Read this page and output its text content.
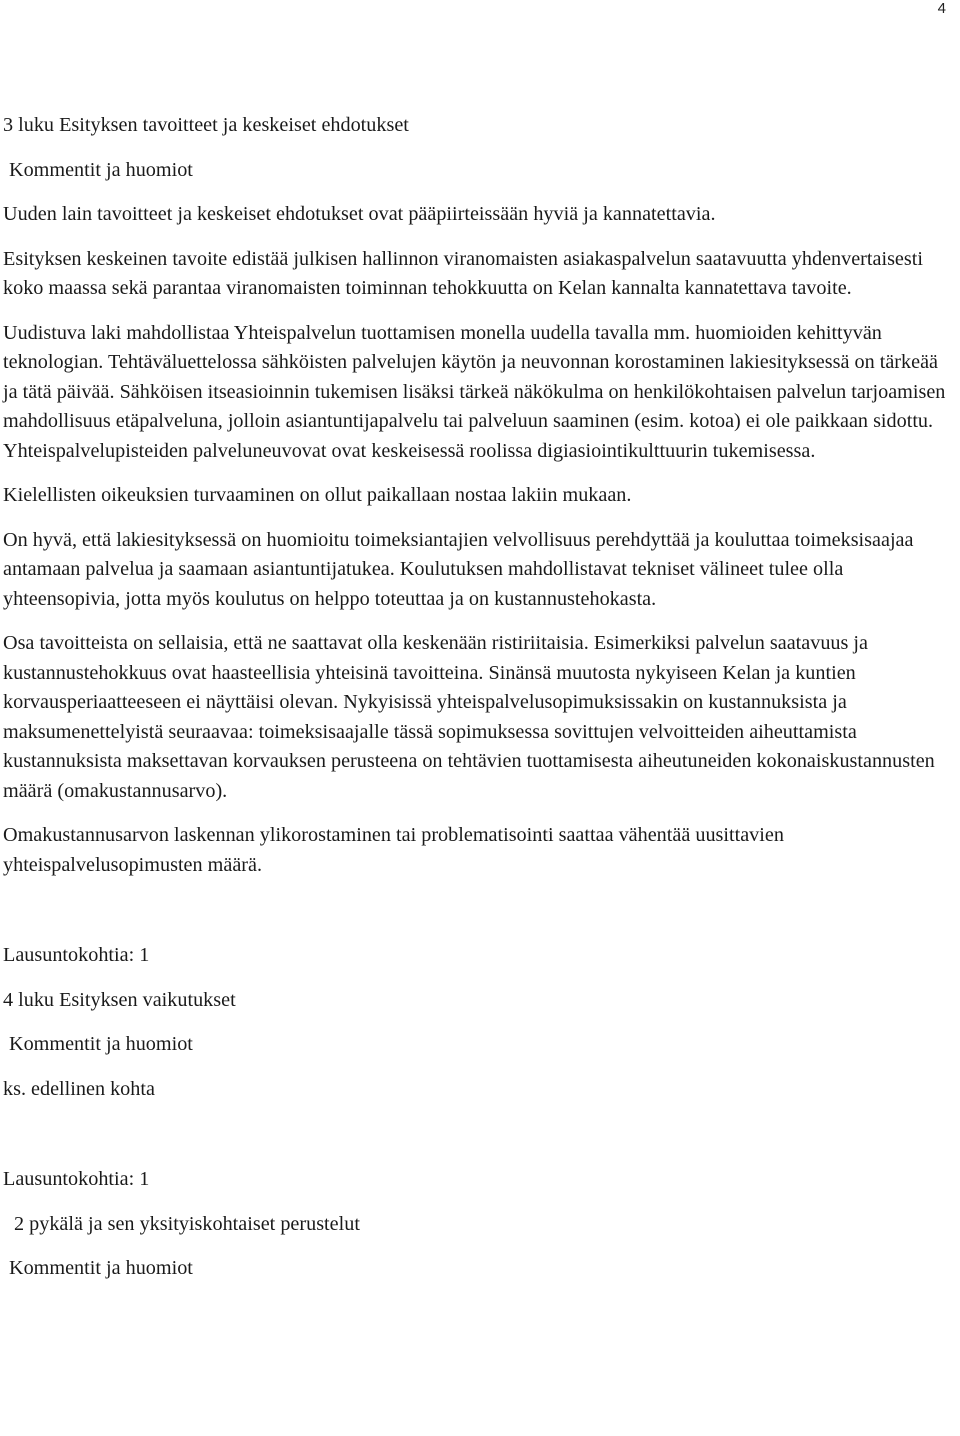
4
3 luku Esityksen tavoitteet ja keskeiset ehdotukset
Kommentit ja huomiot

Uuden lain tavoitteet ja keskeiset ehdotukset ovat pääpiirteissään hyviä ja kannatettavia.

Esityksen keskeinen tavoite edistää julkisen hallinnon viranomaisten asiakaspalvelun saatavuutta yhdenvertaisesti koko maassa sekä parantaa viranomaisten toiminnan tehokkuutta on Kelan kannalta kannatettava tavoite.

Uudistuva laki mahdollistaa Yhteispalvelun tuottamisen monella uudella tavalla mm. huomioiden kehittyvän teknologian. Tehtäväluettelossa sähköisten palvelujen käytön ja neuvonnan korostaminen lakiesityksessä on tärkeää ja tätä päivää. Sähköisen itseasioinnin tukemisen lisäksi tärkeä näkökulma on henkilökohtaisen palvelun tarjoamisen mahdollisuus etäpalveluna, jolloin asiantuntijapalvelu tai palveluun saaminen (esim. kotoa) ei ole paikkaan sidottu. Yhteispalvelupisteiden palveluneuvovat ovat keskeisessä roolissa digiasiointikulttuurin tukemisessa.

Kielellisten oikeuksien turvaaminen on ollut paikallaan nostaa lakiin mukaan.

On hyvä, että lakiesityksessä on huomioitu toimeksiantajien velvollisuus perehdyttää ja kouluttaa toimeksisaajaa antamaan palvelua ja saamaan asiantuntijatukea. Koulutuksen mahdollistavat tekniset välineet tulee olla yhteensopivia, jotta myös koulutus on helppo toteuttaa ja on kustannustehokasta.

Osa tavoitteista on sellaisia, että ne saattavat olla keskenään ristiriitaisia. Esimerkiksi palvelun saatavuus ja kustannustehokkuus ovat haasteellisia yhteisinä tavoitteina. Sinänsä muutosta nykyiseen Kelan ja kuntien korvausperiaatteeseen ei näyttäisi olevan. Nykyisissä yhteispalvelusopimuksissakin on kustannuksista ja maksumenettelyistä seuraavaa: toimeksisaajalle tässä sopimuksessa sovittujen velvoitteiden aiheuttamista kustannuksista maksettavan korvauksen perusteena on tehtävien tuottamisesta aiheutuneiden kokonaiskustannusten määrä (omakustannusarvo).

Omakustannusarvon laskennan ylikorostaminen tai problematisointi saattaa vähentää uusittavien yhteispalvelusopimusten määrä.

Lausuntokohtia: 1
4 luku Esityksen vaikutukset
Kommentit ja huomiot

ks. edellinen kohta

Lausuntokohtia: 1
2 pykälä ja sen yksityiskohtaiset perustelut
Kommentit ja huomiot
